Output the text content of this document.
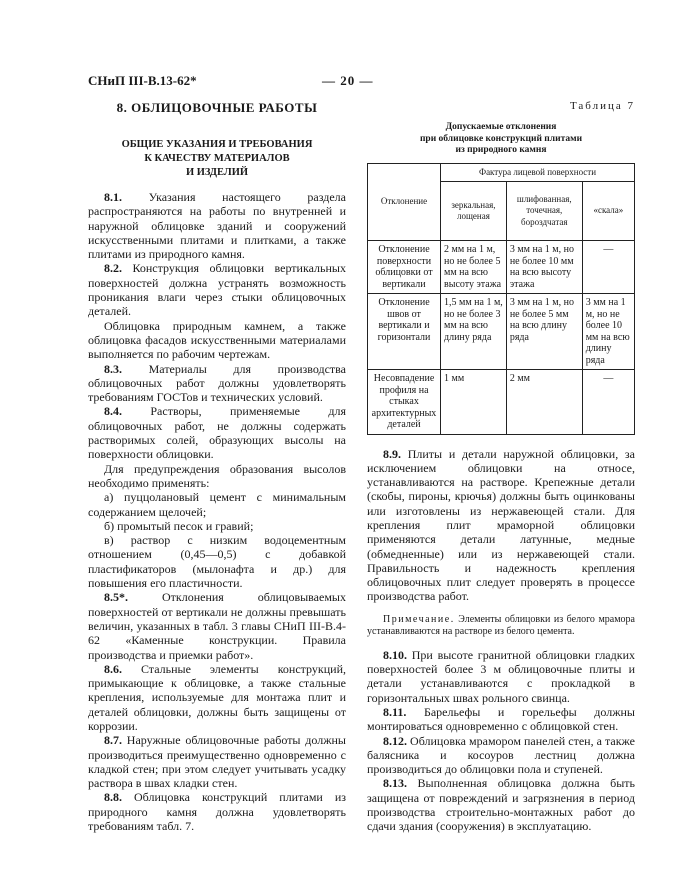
СНиП III-В.13-62*	— 20 —
8. ОБЛИЦОВОЧНЫЕ РАБОТЫ
ОБЩИЕ УКАЗАНИЯ И ТРЕБОВАНИЯ
К КАЧЕСТВУ МАТЕРИАЛОВ
И ИЗДЕЛИЙ

8.1. Указания настоящего раздела распространяются на работы по внутренней и наружной облицовке зданий и сооружений искусственными плитами и плитками, а также плитами из природного камня.

8.2. Конструкция облицовки вертикальных поверхностей должна устранять возможность проникания влаги через стыки облицовочных деталей.

Облицовка природным камнем, а также облицовка фасадов искусственными материалами выполняется по рабочим чертежам.

8.3. Материалы для производства облицовочных работ должны удовлетворять требованиям ГОСТов и технических условий.

8.4. Растворы, применяемые для облицовочных работ, не должны содержать растворимых солей, образующих высолы на поверхности облицовки.

Для предупреждения образования высолов необходимо применять:

а) пуццолановый цемент с минимальным содержанием щелочей;

б) промытый песок и гравий;

в) раствор с низким водоцементным отношением (0,45—0,5) с добавкой пластификаторов (мылонафта и др.) для повышения его пластичности.

8.5*. Отклонения облицовываемых поверхностей от вертикали не должны превышать величин, указанных в табл. 3 главы СНиП III-В.4-62 «Каменные конструкции. Правила производства и приемки работ».

8.6. Стальные элементы конструкций, примыкающие к облицовке, а также стальные крепления, используемые для монтажа плит и деталей облицовки, должны быть защищены от коррозии.

8.7. Наружные облицовочные работы должны производиться преимущественно одновременно с кладкой стен; при этом следует учитывать усадку раствора в швах кладки стен.

8.8. Облицовка конструкций плитами из природного камня должна удовлетворять требованиям табл. 7.

Таблица 7
Допускаемые отклонения
при облицовке конструкций плитами
из природного камня
Отклонение	Фактура лицевой поверхности		
	зеркальная, лощеная	шлифованная, точечная, бороздчатая	«скала»
Отклонение поверхности облицовки от вертикали	2 мм на 1 м, но не более 5 мм на всю высоту этажа	3 мм на 1 м, но не более 10 мм на всю высоту этажа	—
Отклонение швов от вертикали и горизонтали	1,5 мм на 1 м, но не более 3 мм на всю длину ряда	3 мм на 1 м, но не более 5 мм на всю длину ряда	3 мм на 1 м, но не более 10 мм на всю длину ряда
Несовпадение профиля на стыках архитектурных деталей	1 мм	2 мм	—

8.9. Плиты и детали наружной облицовки, за исключением облицовки на относе, устанавливаются на растворе. Крепежные детали (скобы, пироны, крючья) должны быть оцинкованы или изготовлены из нержавеющей стали. Для крепления плит мраморной облицовки применяются детали латунные, медные (обмедненные) или из нержавеющей стали. Правильность и надежность крепления облицовочных плит следует проверять в процессе производства работ.

Примечание. Элементы облицовки из белого мрамора устанавливаются на растворе из белого цемента.

8.10. При высоте гранитной облицовки гладких поверхностей более 3 м облицовочные плиты и детали устанавливаются с прокладкой в горизонтальных швах рольного свинца.

8.11. Барельефы и горельефы должны монтироваться одновременно с облицовкой стен.

8.12. Облицовка мрамором панелей стен, а также балясника и косоуров лестниц должна производиться до облицовки пола и ступеней.

8.13. Выполненная облицовка должна быть защищена от повреждений и загрязнения в период производства строительно-монтажных работ до сдачи здания (сооружения) в эксплуатацию.
